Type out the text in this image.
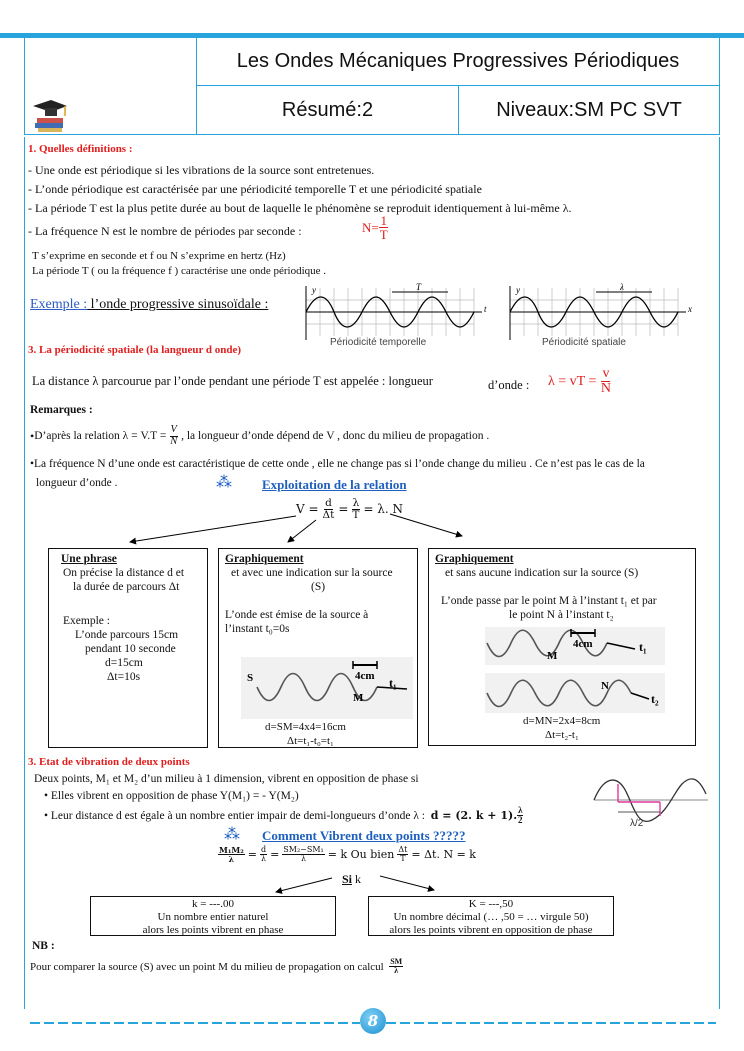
Les Ondes Mécaniques Progressives Périodiques
Résumé:2	Niveaux:SM PC SVT
1. Quelles définitions :
- Une onde est périodique si les vibrations de la source sont entretenues.
- L’onde périodique est caractérisée par une périodicité temporelle T et une périodicité spatiale
- La période T est la plus petite durée au bout de laquelle le phénomène se reproduit identiquement à lui-même λ.
- La fréquence N est le nombre de périodes par seconde :	$N= \frac{1}{T}$
T s’exprime en seconde et f ou N s’exprime en hertz (Hz)
La période T ( ou la fréquence f ) caractérise une onde périodique .
Exemple : l’onde progressive sinusoïdale :
y	T
t
Périodicité temporelle
y	λ
x
Périodicité spatiale
3. La périodicité spatiale (la langueur d onde)
La distance λ parcourue par l’onde pendant une période T est appelée : longueur	d’onde : λ = vT =
$\frac{v}{N}$
Remarques :
• D’après la relation λ = V.T =
$\frac{V}{N}$
, la longueur d’onde dépend de V , donc du milieu de propagation .
•La fréquence N d’une onde est caractéristique de cette onde , elle ne change pas si l’onde change du milieu . Ce n’est pas le cas de la
longueur d’onde .	⁂ Exploitation de la relation
$V = \frac{d}{\Delta t} = \frac{\lambda}{T} = \lambda$. N
Une phrase
On précise la distance d et
la durée de parcours Δt
Exemple :
L’onde parcours 15cm
pendant 10 seconde
d=15cm
Δt=10s
Graphiquement
et avec une indication sur la source
(S)
L’onde est émise de la source à
l’instant t₀=0s
S	4cm
M
t₁
d=SM=4x4=16cm
Δt=t₁-t₀=t₁
Graphiquement
et sans aucune indication sur la source (S)
L’onde passe par le point M à l’instant t₁ et par
le point N à l’instant t₂
4cm
M
t₁
N
t₂
d=MN=2x4=8cm
Δt=t₂-t₁
3. Etat de vibration de deux points
Deux points, M₁ et M₂ d’un milieu à 1 dimension, vibrent en opposition de phase si
• Elles vibrent en opposition de phase Y(M₁) = - Y(M₂)
• Leur distance d est égale à un nombre entier impair de demi-longueurs d’onde λ :
d = (2. k + 1). $\frac{\lambda}{2}$	λ/2
⁂ Comment Vibrent deux points ?????
$\frac{\text{M₁M₂}}{\lambda} = \frac{d}{\lambda} = \frac{\text{SM₂−SM₁}}{\lambda} = k$ Ou bien $\frac{\Delta t}{T} = \Delta t$. N = k
Si k
k = ---.00
Un nombre entier naturel
alors les points vibrent en phase
K = ---,50
Un nombre décimal (… ,50 = … virgule 50)
alors les points vibrent en opposition de phase
NB :
Pour comparer la source (S) avec un point M du milieu de propagation on calcul
$\frac{SM}{\lambda}$
8
